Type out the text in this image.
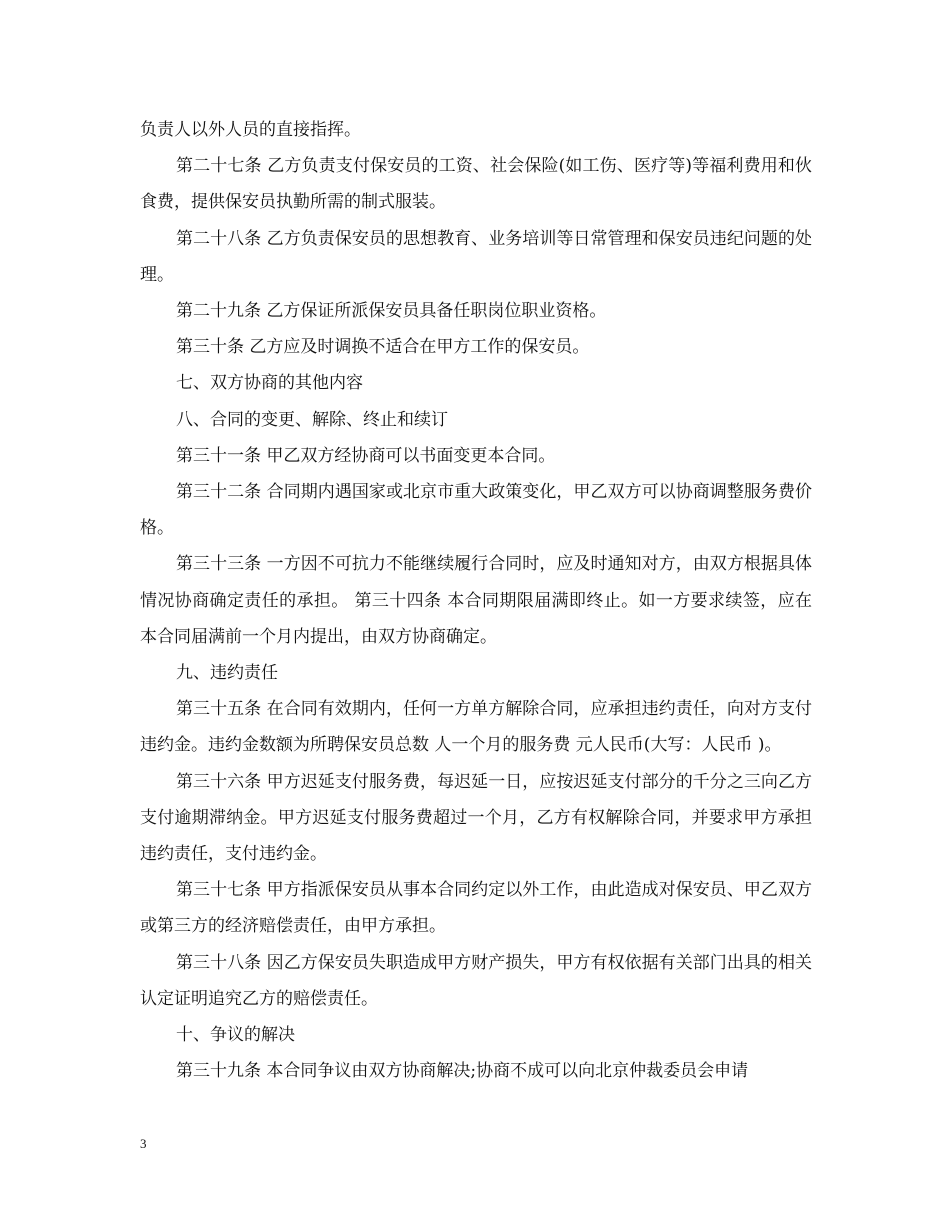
负责人以外人员的直接指挥。

第二十七条 乙方负责支付保安员的工资、社会保险(如工伤、医疗等)等福利费用和伙食费，提供保安员执勤所需的制式服装。

第二十八条 乙方负责保安员的思想教育、业务培训等日常管理和保安员违纪问题的处理。

第二十九条 乙方保证所派保安员具备任职岗位职业资格。

第三十条 乙方应及时调换不适合在甲方工作的保安员。

七、双方协商的其他内容

八、合同的变更、解除、终止和续订

第三十一条 甲乙双方经协商可以书面变更本合同。

第三十二条 合同期内遇国家或北京市重大政策变化，甲乙双方可以协商调整服务费价格。

第三十三条 一方因不可抗力不能继续履行合同时，应及时通知对方，由双方根据具体情况协商确定责任的承担。 第三十四条 本合同期限届满即终止。如一方要求续签，应在本合同届满前一个月内提出，由双方协商确定。

九、违约责任

第三十五条 在合同有效期内，任何一方单方解除合同，应承担违约责任，向对方支付违约金。违约金数额为所聘保安员总数 人一个月的服务费 元人民币(大写：人民币 )。

第三十六条 甲方迟延支付服务费，每迟延一日，应按迟延支付部分的千分之三向乙方支付逾期滞纳金。甲方迟延支付服务费超过一个月，乙方有权解除合同，并要求甲方承担违约责任，支付违约金。

第三十七条 甲方指派保安员从事本合同约定以外工作，由此造成对保安员、甲乙双方或第三方的经济赔偿责任，由甲方承担。

第三十八条 因乙方保安员失职造成甲方财产损失，甲方有权依据有关部门出具的相关认定证明追究乙方的赔偿责任。

十、争议的解决

第三十九条 本合同争议由双方协商解决;协商不成可以向北京仲裁委员会申请

3
